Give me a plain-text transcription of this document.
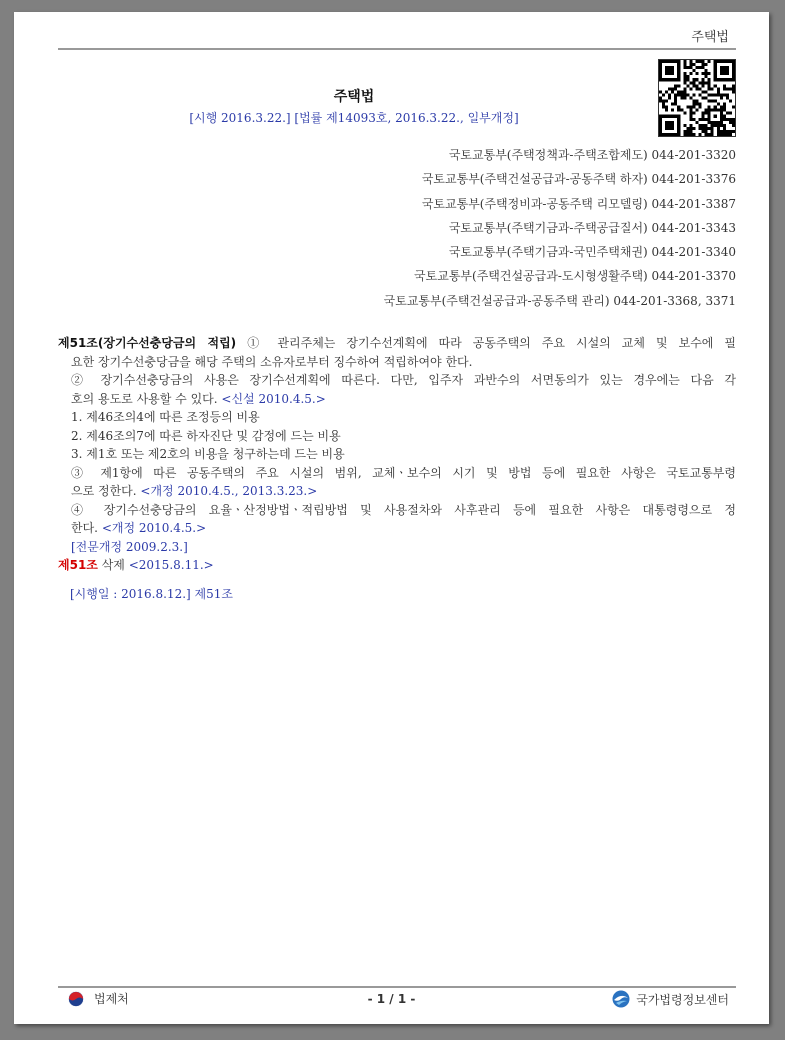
주택법
주택법
[시행 2016.3.22.] [법률 제14093호, 2016.3.22., 일부개정]
국토교통부(주택정책과-주택조합제도) 044-201-3320
국토교통부(주택건설공급과-공동주택 하자) 044-201-3376
국토교통부(주택정비과-공동주택 리모델링) 044-201-3387
국토교통부(주택기금과-주택공급질서) 044-201-3343
국토교통부(주택기금과-국민주택채권) 044-201-3340
국토교통부(주택건설공급과-도시형생활주택) 044-201-3370
국토교통부(주택건설공급과-공동주택 관리) 044-201-3368, 3371

제51조(장기수선충당금의 적립) ① 관리주체는 장기수선계획에 따라 공동주택의 주요 시설의 교체 및 보수에 필

요한 장기수선충당금을 해당 주택의 소유자로부터 징수하여 적립하여야 한다.

② 장기수선충당금의 사용은 장기수선계획에 따른다. 다만, 입주자 과반수의 서면동의가 있는 경우에는 다음 각

호의 용도로 사용할 수 있다. <신설 2010.4.5.>

1. 제46조의4에 따른 조정등의 비용

2. 제46조의7에 따른 하자진단 및 감정에 드는 비용

3. 제1호 또는 제2호의 비용을 청구하는데 드는 비용

③ 제1항에 따른 공동주택의 주요 시설의 범위, 교체ㆍ보수의 시기 및 방법 등에 필요한 사항은 국토교통부령

으로 정한다. <개정 2010.4.5., 2013.3.23.>

④ 장기수선충당금의 요율ㆍ산정방법ㆍ적립방법 및 사용절차와 사후관리 등에 필요한 사항은 대통령령으로 정

한다. <개정 2010.4.5.>

[전문개정 2009.2.3.]

제51조 삭제 <2015.8.11.>

[시행일 : 2016.8.12.] 제51조

법제처	- 1 / 1 -	국가법령정보센터
